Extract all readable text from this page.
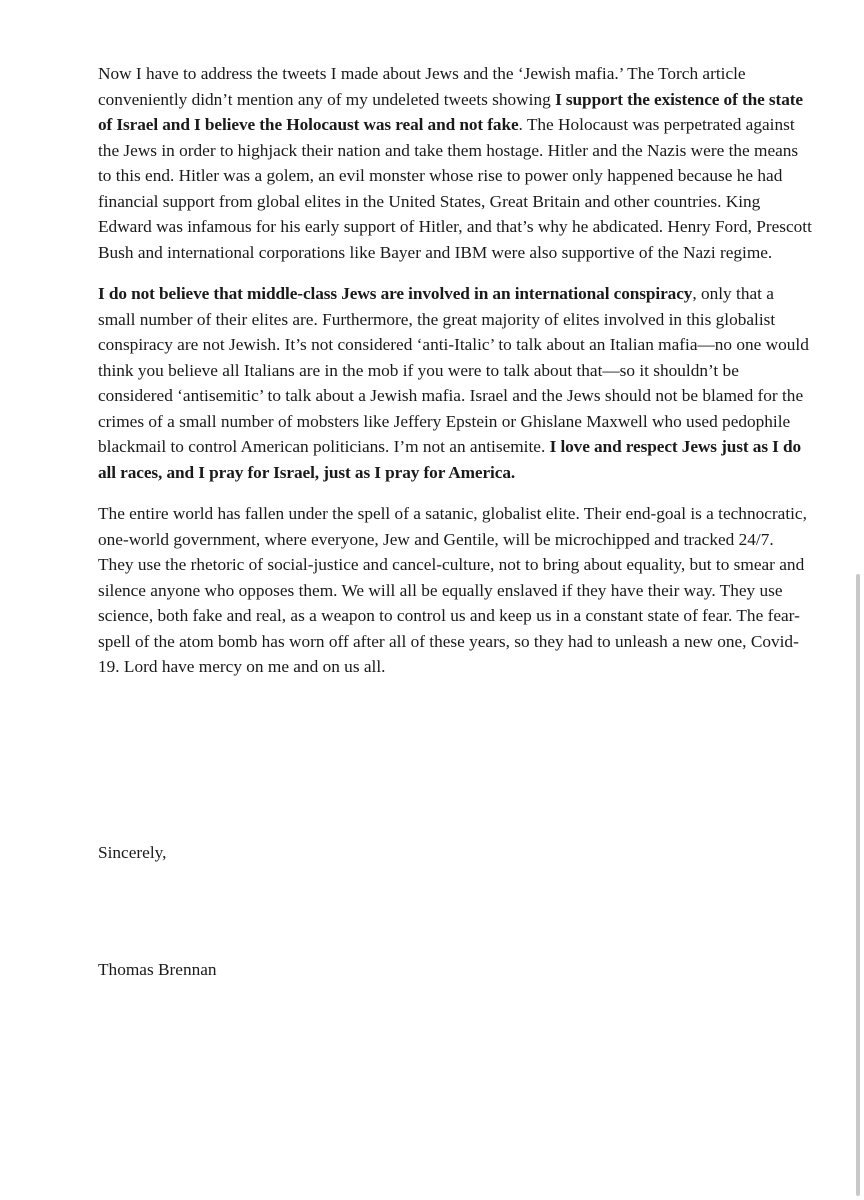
Now I have to address the tweets I made about Jews and the ‘Jewish mafia.’ The Torch article conveniently didn’t mention any of my undeleted tweets showing I support the existence of the state of Israel and I believe the Holocaust was real and not fake. The Holocaust was perpetrated against the Jews in order to highjack their nation and take them hostage. Hitler and the Nazis were the means to this end. Hitler was a golem, an evil monster whose rise to power only happened because he had financial support from global elites in the United States, Great Britain and other countries. King Edward was infamous for his early support of Hitler, and that’s why he abdicated. Henry Ford, Prescott Bush and international corporations like Bayer and IBM were also supportive of the Nazi regime.

I do not believe that middle-class Jews are involved in an international conspiracy, only that a small number of their elites are. Furthermore, the great majority of elites involved in this globalist conspiracy are not Jewish. It’s not considered ‘anti-Italic’ to talk about an Italian mafia—no one would think you believe all Italians are in the mob if you were to talk about that—so it shouldn’t be considered ‘antisemitic’ to talk about a Jewish mafia. Israel and the Jews should not be blamed for the crimes of a small number of mobsters like Jeffery Epstein or Ghislane Maxwell who used pedophile blackmail to control American politicians. I’m not an antisemite. I love and respect Jews just as I do all races, and I pray for Israel, just as I pray for America.

The entire world has fallen under the spell of a satanic, globalist elite. Their end-goal is a technocratic, one-world government, where everyone, Jew and Gentile, will be microchipped and tracked 24/7. They use the rhetoric of social-justice and cancel-culture, not to bring about equality, but to smear and silence anyone who opposes them. We will all be equally enslaved if they have their way. They use science, both fake and real, as a weapon to control us and keep us in a constant state of fear. The fear-spell of the atom bomb has worn off after all of these years, so they had to unleash a new one, Covid-19. Lord have mercy on me and on us all.

Sincerely,
Thomas Brennan
